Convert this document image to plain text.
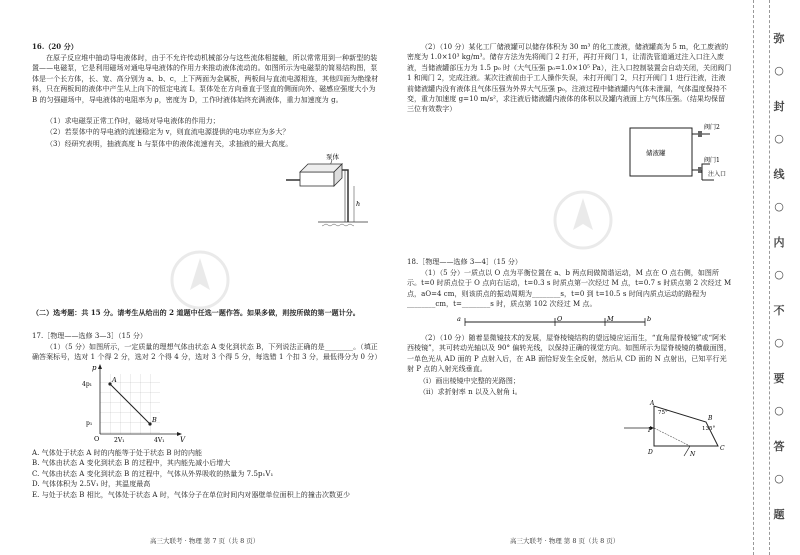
16.（20 分）
在原子反应堆中抽动导电液体时，由于不允许传动机械部分与这些流体相接触，所以常常用到一种新型的装置——电磁泵，它是利用磁场对通电导电液体的作用力来推动液体流动的。如图所示为电磁泵的简易结构图，泵体是一个长方体，长、宽、高分别为 a、b、c，上下两面为金属板，两板间与直流电源相连，其他四面为绝缘材料，只在两板间的液体中产生从上向下的恒定电流 I。泵体处在方向垂直于竖直的侧面向外、磁感应强度大小为 B 的匀强磁场中，导电液体的电阻率为 ρ，密度为 D，工作时液体始终充满液体，重力加速度为 g。
（1）求电磁泵正常工作时，磁场对导电液体的作用力；
（2）若泵体中的导电液的流速稳定为 v，则直流电源提供的电功率应为多大？
（3）经研究表明，抽液高度 h 与泵体中的液体流速有关，求抽液的最大高度。
泵体
h
（二）选考题：共 15 分。请考生从给出的 2 道题中任选一题作答。如果多做，则按所做的第一题计分。
17.［物理——选修 3—3］（15 分）
（1）（5 分）如图所示，一定质量的理想气体由状态 A 变化到状态 B，下列说法正确的是________。（填正确答案标号，选对 1 个得 2 分，选对 2 个得 4 分，选对 3 个得 5 分，每选错 1 个扣 3 分，最低得分为 0 分）
p
V
O
4p₁
p₁
2V₁	4V₁
A
B
A. 气体处于状态 A 时的内能等于处于状态 B 时的内能
B. 气体由状态 A 变化到状态 B 的过程中，其内能先减小后增大
C. 气体由状态 A 变化到状态 B 的过程中，气体从外界吸收的热量为 7.5p₁V₁
D. 气体体积为 2.5V₁ 时，其温度最高
E. 与处于状态 B 相比，气体处于状态 A 时，气体分子在单位时间内对器壁单位面积上的撞击次数更少
高三大联考 · 物理 第 7 页（共 8 页）
（2）（10 分）某化工厂储液罐可以储存体积为 30 m³ 的化工废液，储液罐高为 5 m，化工废液的密度为 1.0×10³ kg/m³。储存方法为先将阀门 2 打开，再打开阀门 1，让清洗管道通过注入口注入废液，当储液罐部压力为 1.5 p₀ 时（大气压强 p₀=1.0×10⁵ Pa），注入口控制装置会自动关闭，关闭阀门 1 和阀门 2，完成注液。某次注液前由于工人操作失误，未打开阀门 2，只打开阀门 1 进行注液，注液前储液罐内没有液体且气体压强为外界大气压强 p₀，注液过程中储液罐内气体未泄漏，气体温度保持不变，重力加速度 g=10 m/s²，求注液后储液罐内液体的体积以及罐内液面上方气体压强。（结果均保留三位有效数字）
储液罐
阀门2
阀门1
注入口
18.［物理——选修 3—4］（15 分）
（1）（5 分）一质点以 O 点为平衡位置在 a、b 两点间做简谐运动，M 点在 O 点右侧，如图所示。t=0 时质点位于 O 点向右运动，t=0.3 s 时质点第一次经过 M 点，t=0.7 s 时质点第 2 次经过 M 点，aO=4 cm，则该质点的振动周期为________s，t=0 到 t=10.5 s 时间内质点运动的路程为________cm，t=________s 时，质点第 102 次经过 M 点。
a	O	M	b
（2）（10 分）随着显微镜技术的发展，屋脊棱镜结构的望远镜应运而生，“直角屋脊棱镜”或“阿米西棱镜”，其可转动光轴以及 90° 偏转光线，以保持正确的视觉方向。如图所示为屋脊棱镜的横截面图，一单色光从 AD 面的 P 点射入后，在 AB 面恰好发生全反射，然后从 CD 面的 N 点射出，已知平行光射 P 点的入射光线垂直。
（ⅰ）画出棱镜中完整的光路图；
（ⅱ）求折射率 n 以及入射角 i。
75°
135°
A
B
C
D
P
N
高三大联考 · 物理 第 8 页（共 8 页）
弥
○
封
○
线
○
内
○
不
○
要
○
答
○
题
